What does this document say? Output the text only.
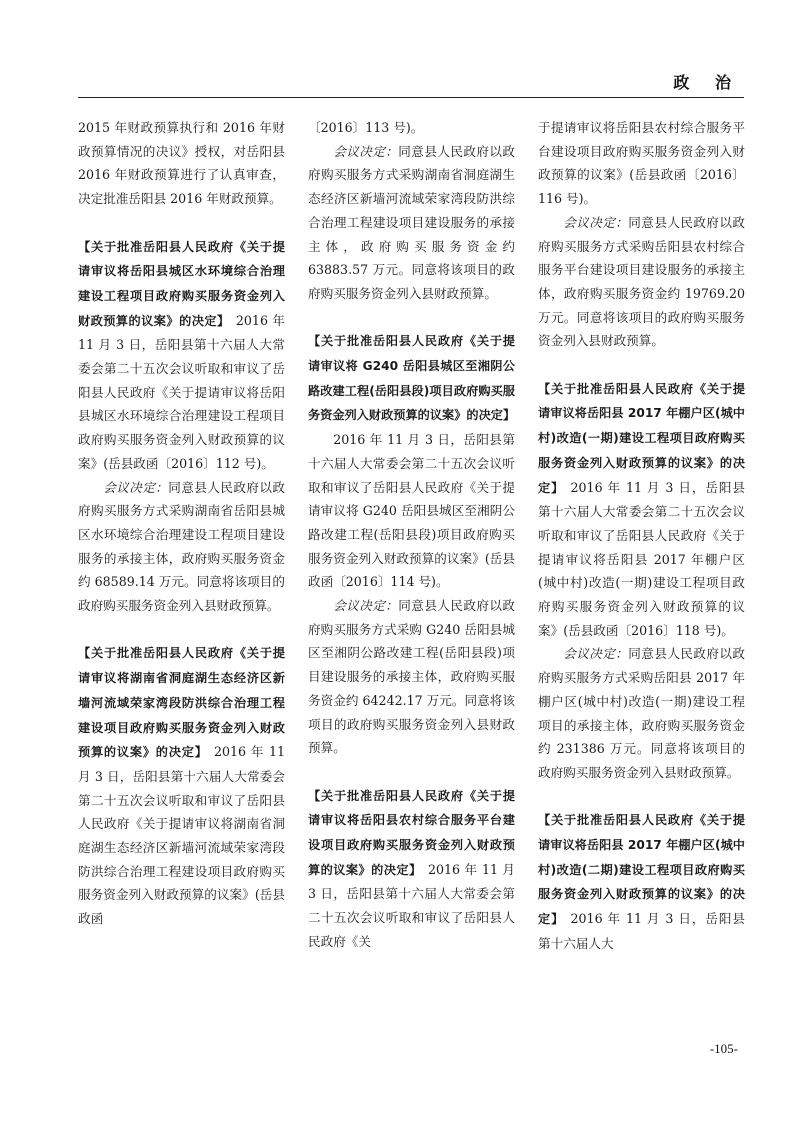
政 治

2015 年财政预算执行和 2016 年财政预算情况的决议》授权，对岳阳县 2016 年财政预算进行了认真审查，决定批准岳阳县 2016 年财政预算。

【关于批准岳阳县人民政府《关于提请审议将岳阳县城区水环境综合治理建设工程项目政府购买服务资金列入财政预算的议案》的决定】  2016 年 11 月 3 日，岳阳县第十六届人大常委会第二十五次会议听取和审议了岳阳县人民政府《关于提请审议将岳阳县城区水环境综合治理建设工程项目政府购买服务资金列入财政预算的议案》(岳县政函〔2016〕112 号)。

会议决定：同意县人民政府以政府购买服务方式采购湖南省岳阳县城区水环境综合治理建设工程项目建设服务的承接主体，政府购买服务资金约 68589.14 万元。同意将该项目的政府购买服务资金列入县财政预算。

【关于批准岳阳县人民政府《关于提请审议将湖南省洞庭湖生态经济区新墙河流域荣家湾段防洪综合治理工程建设项目政府购买服务资金列入财政预算的议案》的决定】  2016 年 11 月 3 日，岳阳县第十六届人大常委会第二十五次会议听取和审议了岳阳县人民政府《关于提请审议将湖南省洞庭湖生态经济区新墙河流域荣家湾段防洪综合治理工程建设项目政府购买服务资金列入财政预算的议案》(岳县政函

〔2016〕113 号)。

会议决定：同意县人民政府以政府购买服务方式采购湖南省洞庭湖生态经济区新墙河流域荣家湾段防洪综合治理工程建设项目建设服务的承接主体，政府购买服务资金约 63883.57 万元。同意将该项目的政府购买服务资金列入县财政预算。

【关于批准岳阳县人民政府《关于提请审议将 G240 岳阳县城区至湘阴公路改建工程(岳阳县段)项目政府购买服务资金列入财政预算的议案》的决定】

2016 年 11 月 3 日，岳阳县第十六届人大常委会第二十五次会议听取和审议了岳阳县人民政府《关于提请审议将 G240 岳阳县城区至湘阴公路改建工程(岳阳县段)项目政府购买服务资金列入财政预算的议案》(岳县政函〔2016〕114 号)。

会议决定：同意县人民政府以政府购买服务方式采购 G240 岳阳县城区至湘阴公路改建工程(岳阳县段)项目建设服务的承接主体，政府购买服务资金约 64242.17 万元。同意将该项目的政府购买服务资金列入县财政预算。

【关于批准岳阳县人民政府《关于提请审议将岳阳县农村综合服务平台建设项目政府购买服务资金列入财政预算的议案》的决定】  2016 年 11 月 3 日，岳阳县第十六届人大常委会第二十五次会议听取和审议了岳阳县人民政府《关

于提请审议将岳阳县农村综合服务平台建设项目政府购买服务资金列入财政预算的议案》(岳县政函〔2016〕116 号)。

会议决定：同意县人民政府以政府购买服务方式采购岳阳县农村综合服务平台建设项目建设服务的承接主体，政府购买服务资金约 19769.20 万元。同意将该项目的政府购买服务资金列入县财政预算。

【关于批准岳阳县人民政府《关于提请审议将岳阳县 2017 年棚户区(城中村)改造(一期)建设工程项目政府购买服务资金列入财政预算的议案》的决定】  2016 年 11 月 3 日，岳阳县第十六届人大常委会第二十五次会议听取和审议了岳阳县人民政府《关于提请审议将岳阳县 2017 年棚户区(城中村)改造(一期)建设工程项目政府购买服务资金列入财政预算的议案》(岳县政函〔2016〕118 号)。

会议决定：同意县人民政府以政府购买服务方式采购岳阳县 2017 年棚户区(城中村)改造(一期)建设工程项目的承接主体，政府购买服务资金约 231386 万元。同意将该项目的政府购买服务资金列入县财政预算。

【关于批准岳阳县人民政府《关于提请审议将岳阳县 2017 年棚户区(城中村)改造(二期)建设工程项目政府购买服务资金列入财政预算的议案》的决定】  2016 年 11 月 3 日，岳阳县第十六届人大

-105-
